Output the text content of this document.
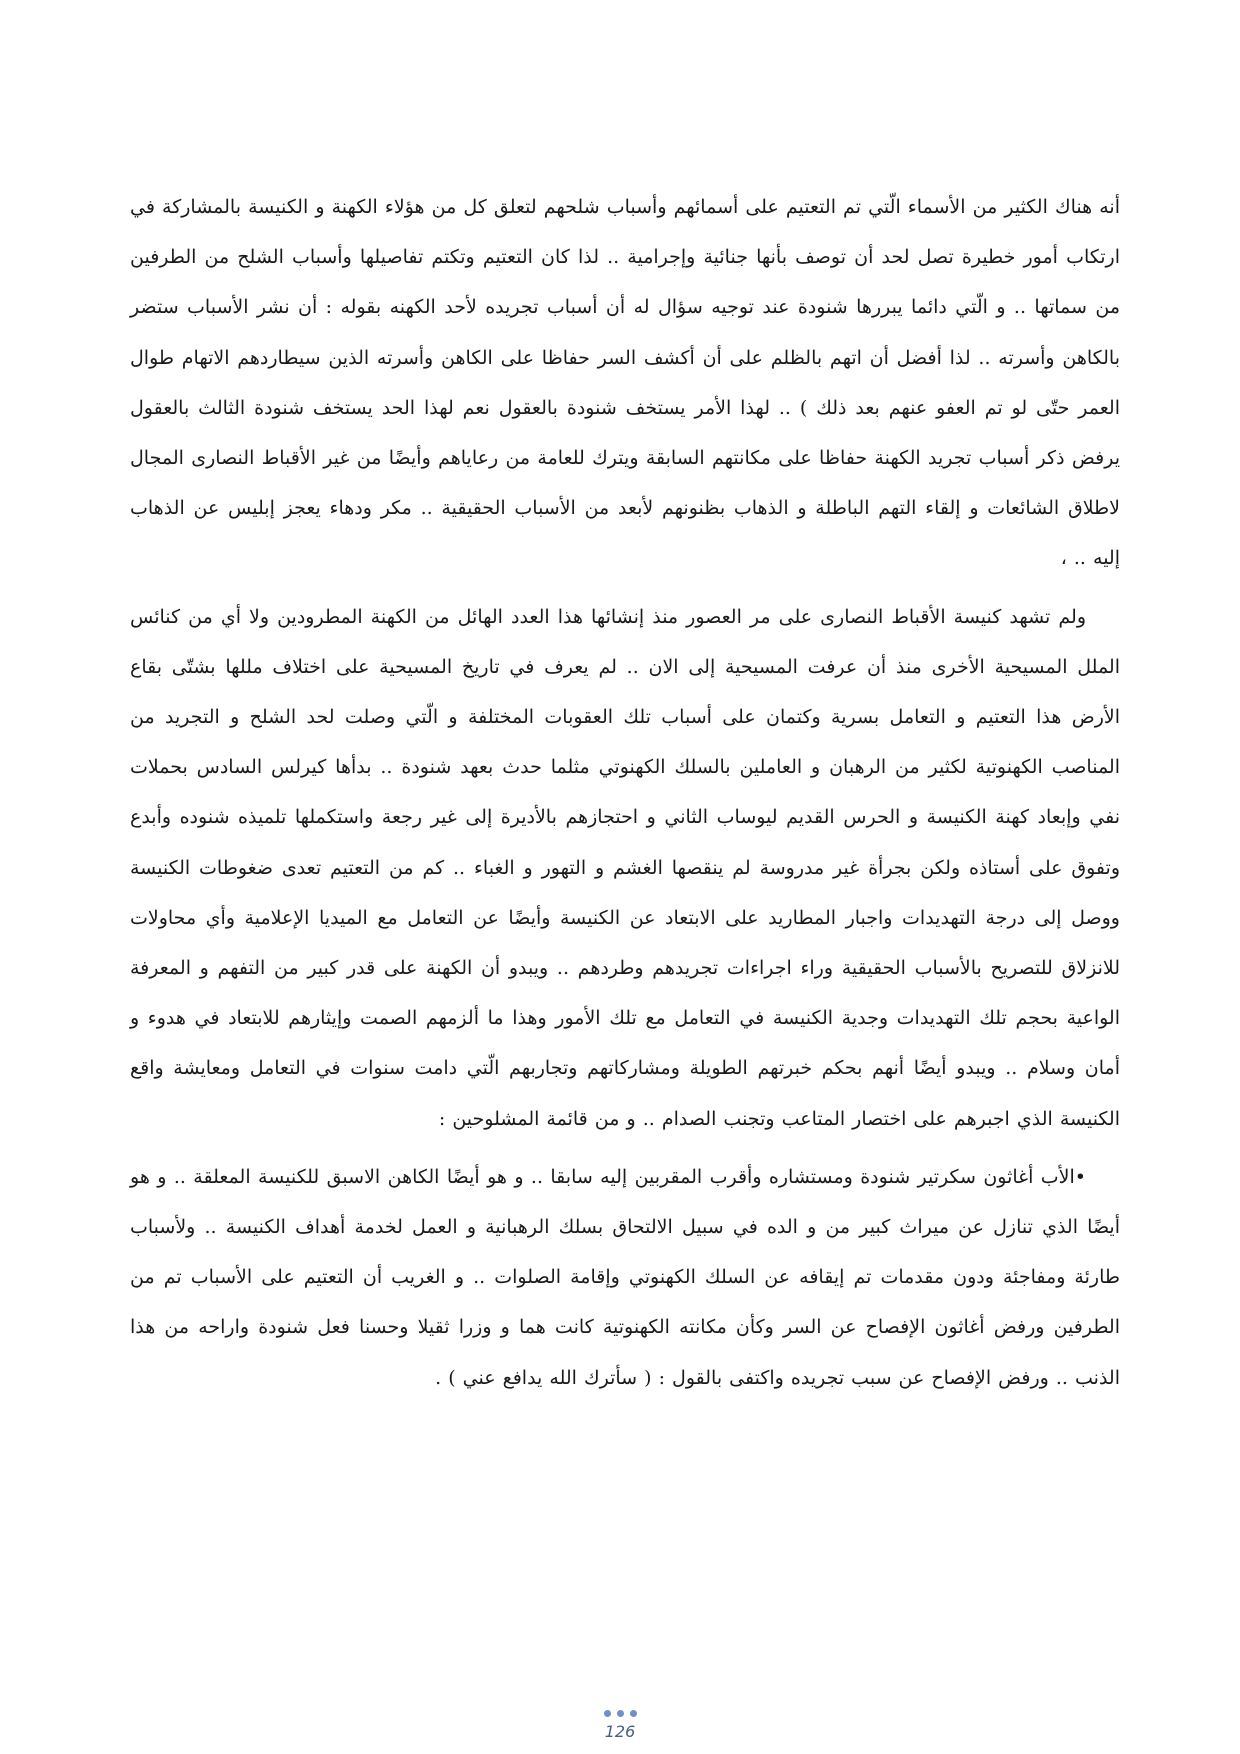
أنه هناك الكثير من الأسماء الّتي تم التعتيم على أسمائهم وأسباب شلحهم لتعلق كل من هؤلاء الكهنة و الكنيسة بالمشاركة في ارتكاب أمور خطيرة تصل لحد أن توصف بأنها جنائية وإجرامية .. لذا كان التعتيم وتكتم تفاصيلها وأسباب الشلح من الطرفين من سماتها .. و الّتي دائما يبررها شنودة عند توجيه سؤال له أن أسباب تجريده لأحد الكهنه بقوله : أن نشر الأسباب ستضر بالكاهن وأسرته .. لذا أفضل أن اتهم بالظلم على أن أكشف السر حفاظا على الكاهن وأسرته الذين سيطاردهم الاتهام طوال العمر حتّى لو تم العفو عنهم بعد ذلك ) .. لهذا الأمر يستخف شنودة بالعقول نعم لهذا الحد يستخف شنودة الثالث بالعقول يرفض ذكر أسباب تجريد الكهنة حفاظا على مكانتهم السابقة ويترك للعامة من رعاياهم وأيضًا من غير الأقباط النصارى المجال لاطلاق الشائعات و إلقاء التهم الباطلة و الذهاب بظنونهم لأبعد من الأسباب الحقيقية .. مكر ودهاء يعجز إبليس عن الذهاب إليه .. ،

ولم تشهد كنيسة الأقباط النصارى على مر العصور منذ إنشائها هذا العدد الهائل من الكهنة المطرودين ولا أي من كنائس الملل المسيحية الأخرى منذ أن عرفت المسيحية إلى الان .. لم يعرف في تاريخ المسيحية على اختلاف مللها بشتّى بقاع الأرض هذا التعتيم و التعامل بسرية وكتمان على أسباب تلك العقوبات المختلفة و الّتي وصلت لحد الشلح و التجريد من المناصب الكهنوتية لكثير من الرهبان و العاملين بالسلك الكهنوتي مثلما حدث بعهد شنودة .. بدأها كيرلس السادس بحملات نفي وإبعاد كهنة الكنيسة و الحرس القديم ليوساب الثاني و احتجازهم بالأديرة إلى غير رجعة واستكملها تلميذه شنوده وأبدع وتفوق على أستاذه ولكن بجرأة غير مدروسة لم ينقصها الغشم و التهور و الغباء .. كم من التعتيم تعدى ضغوطات الكنيسة ووصل إلى درجة التهديدات واجبار المطاريد على الابتعاد عن الكنيسة وأيضًا عن التعامل مع الميديا الإعلامية وأي محاولات للانزلاق للتصريح بالأسباب الحقيقية وراء اجراءات تجريدهم وطردهم .. ويبدو أن الكهنة على قدر كبير من التفهم و المعرفة الواعية بحجم تلك التهديدات وجدية الكنيسة في التعامل مع تلك الأمور وهذا ما ألزمهم الصمت وإيثارهم للابتعاد في هدوء و أمان وسلام .. ويبدو أيضًا أنهم بحكم خبرتهم الطويلة ومشاركاتهم وتجاربهم الّتي دامت سنوات في التعامل ومعايشة واقع الكنيسة الذي اجبرهم على اختصار المتاعب وتجنب الصدام .. و من قائمة المشلوحين :

•الأب أغاثون سكرتير شنودة ومستشاره وأقرب المقربين إليه سابقا .. و هو أيضًا الكاهن الاسبق للكنيسة المعلقة .. و هو أيضًا الذي تنازل عن ميراث كبير من و الده في سبيل الالتحاق بسلك الرهبانية و العمل لخدمة أهداف الكنيسة .. ولأسباب طارئة ومفاجئة ودون مقدمات تم إيقافه عن السلك الكهنوتي وإقامة الصلوات .. و الغريب أن التعتيم على الأسباب تم من الطرفين ورفض أغاثون الإفصاح عن السر وكأن مكانته الكهنوتية كانت هما و وزرا ثقيلا وحسنا فعل شنودة واراحه من هذا الذنب .. ورفض الإفصاح عن سبب تجريده واكتفى بالقول : ( سأترك الله يدافع عني ) .

126
